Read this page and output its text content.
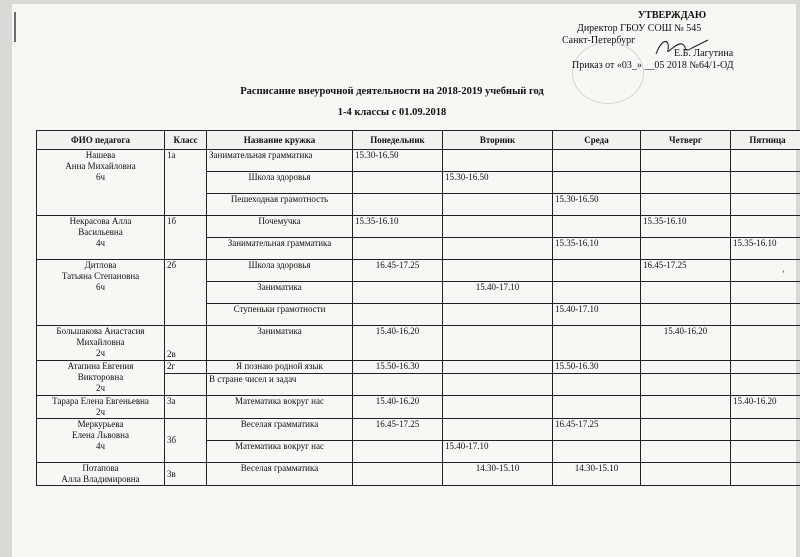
УТВЕРЖДАЮ
Директор ГБОУ СОШ № 545
Санкт-Петербург
Е.Б. Лагутина
Приказ от «03_» __05 2018 №64/1-ОД
Расписание внеурочной деятельности на 2018-2019 учебный год
1-4 классы с 01.09.2018
ʻ
ФИО педагога	Класс	Название кружка	Понедельник	Вторник	Среда	Четверг	Пятница

Нашева
Анна Михайловна
6ч	1а	Занимательная грамматика	15.30-16.50				
		Школа здоровья		15.30-16.50			
		Пешеходная грамотность			15.30-16.50		

Некрасова Алла
Васильевна
4ч	1б	Почемучка	15.35-16.10			15.35-16.10	
		Занимательная грамматика			15.35-16.10		15.35-16.10

Дитлова
Татьяна Степановна
6ч	2б	Школа здоровья	16.45-17.25			16.45-17.25	
		Заниматика		15.40-17.10			
		Ступеньки грамотности			15.40-17.10		

Большакова Анастасия
Михайловна
2ч	2в	Заниматика	15.40-16.20			15.40-16.20	

Атапина Евгения
Викторовна
2ч	2г	Я познаю родной язык	15.50-16.30		15.50-16.30		
		В стране чисел и задач					

Тарара Елена Евгеньевна
2ч	3а	Математика вокруг нас	15.40-16.20				15.40-16.20

Меркурьева
Елена Львовна
4ч	3б	Веселая грамматика	16.45-17.25		16.45-17.25		
		Математика вокруг нас		15.40-17.10			

Потапова
Алла Владимировна	3в	Веселая грамматика		14.30-15.10	14.30-15.10		
